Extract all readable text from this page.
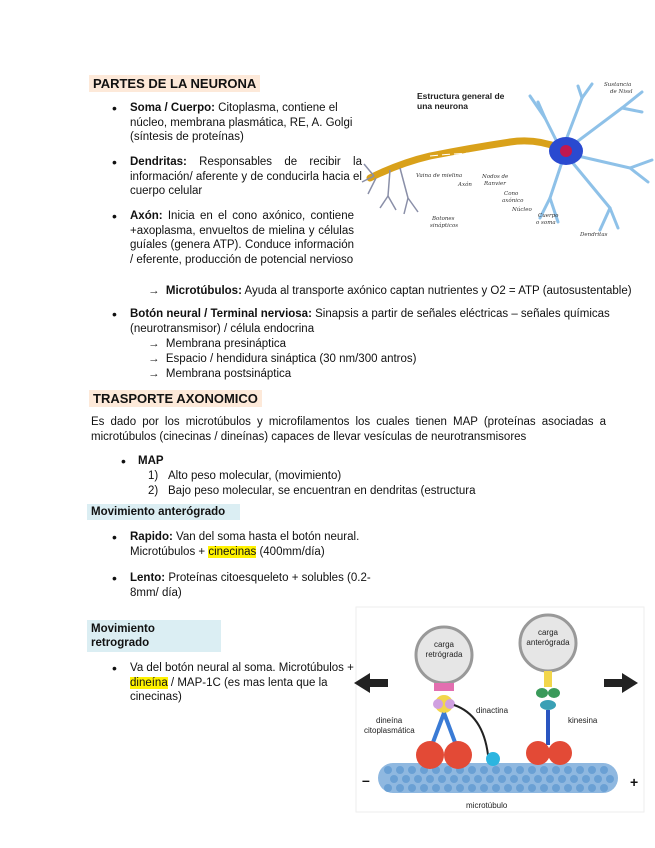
PARTES DE LA NEURONA
• Soma / Cuerpo: Citoplasma, contiene el núcleo, membrana plasmática, RE, A. Golgi (síntesis de proteínas)
• Dendritas: Responsables de recibir la información/ aferente y de conducirla hacia el cuerpo celular
• Axón: Inicia en el cono axónico, contiene +axoplasma, envueltos de mielina y células guíales (genera ATP). Conduce información / eferente, producción de potencial nervioso
→ Microtúbulos: Ayuda al transporte axónico captan nutrientes y O2 = ATP (autosustentable)
• Botón neural / Terminal nerviosa: Sinapsis a partir de señales eléctricas – señales químicas (neurotransmisor) / célula endocrina
→ Membrana presináptica
→ Espacio / hendidura sináptica (30 nm/300 antros)
→ Membrana postsináptica
Estructura general de
una neurona
Sustancia
de Nissl
Vaina de mielina
Axón
Nodos de
Ranvier
Cono
axónico
Núcleo
Cuerpo
o soma
Botones
sinápticos
Dendritas
TRASPORTE AXONOMICO
Es dado por los microtúbulos y microfilamentos los cuales tienen MAP (proteínas asociadas a microtúbulos (cinecinas / dineínas) capaces de llevar vesículas de neurotransmisores
• MAP
1) Alto peso molecular, (movimiento)
2) Bajo peso molecular, se encuentran en dendritas (estructura
Movimiento anterógrado
• Rapido: Van del soma hasta el botón neural.
Microtúbulos + cinecinas (400mm/día)
• Lento: Proteínas citoesqueleto + solubles (0.2-8mm/ día)
Movimiento
retrogrado
• Va del botón neural al soma. Microtúbulos + dineína / MAP-1C (es mas lenta que la cinecinas)
–	+
microtúbulo
carga
retrógrada
dineína
citoplasmática
dinactina
carga
anterógrada
kinesina
